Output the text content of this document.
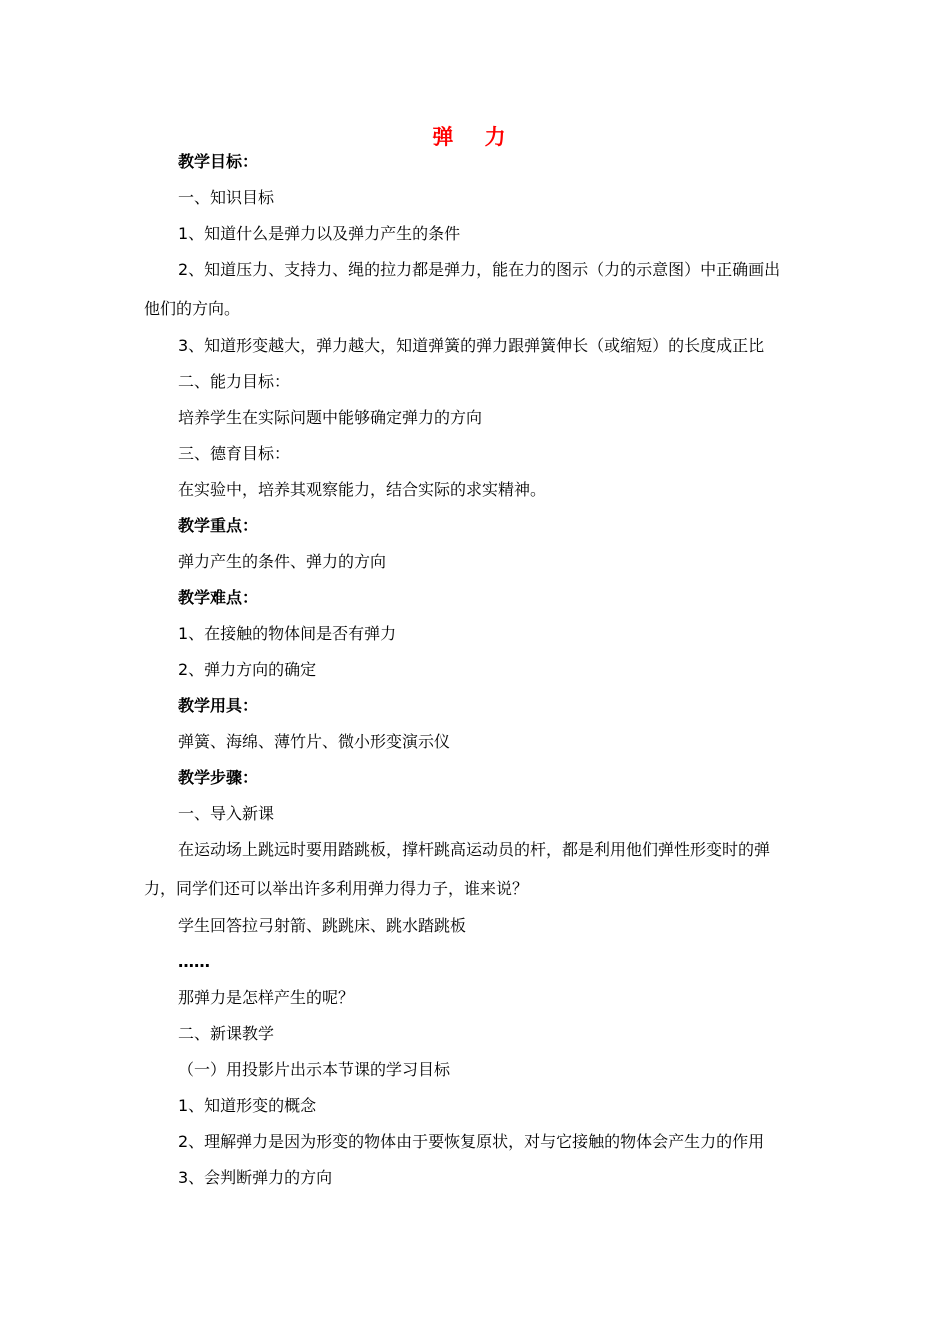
弹 力
教学目标：
一、知识目标
1、知道什么是弹力以及弹力产生的条件
2、知道压力、支持力、绳的拉力都是弹力，能在力的图示（力的示意图）中正确画出
他们的方向。
3、知道形变越大，弹力越大，知道弹簧的弹力跟弹簧伸长（或缩短）的长度成正比
二、能力目标：
培养学生在实际问题中能够确定弹力的方向
三、德育目标：
在实验中，培养其观察能力，结合实际的求实精神。
教学重点：
弹力产生的条件、弹力的方向
教学难点：
1、在接触的物体间是否有弹力
2、弹力方向的确定
教学用具：
弹簧、海绵、薄竹片、微小形变演示仪
教学步骤：
一、导入新课
在运动场上跳远时要用踏跳板，撑杆跳高运动员的杆，都是利用他们弹性形变时的弹
力，同学们还可以举出许多利用弹力得力子，谁来说？
学生回答拉弓射箭、跳跳床、跳水踏跳板
……
那弹力是怎样产生的呢？
二、新课教学
（一）用投影片出示本节课的学习目标
1、知道形变的概念
2、理解弹力是因为形变的物体由于要恢复原状，对与它接触的物体会产生力的作用
3、会判断弹力的方向
